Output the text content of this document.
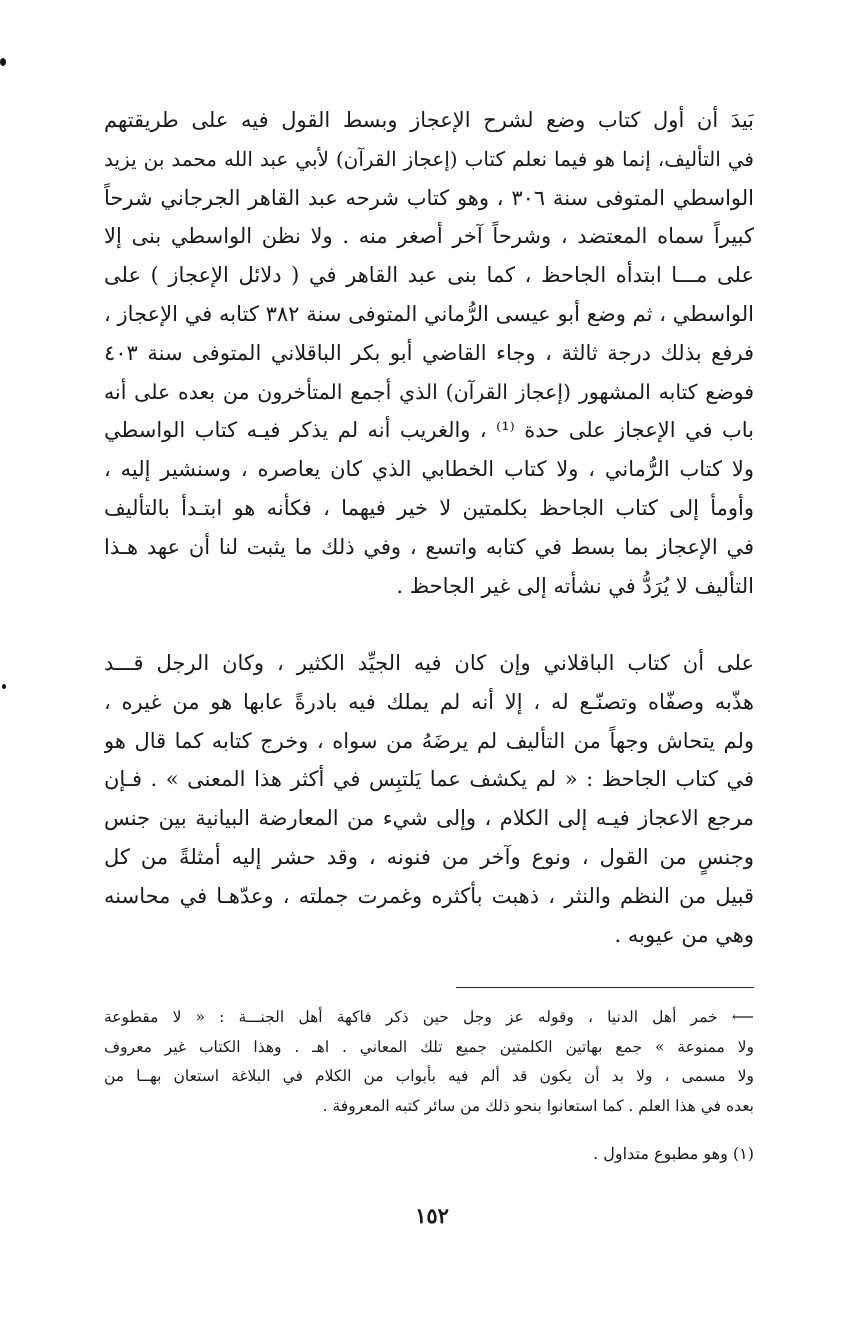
بَيدَ أن أول كتاب وضع لشرح الإعجاز وبسط القول فيه على طريقتهم
في التأليف، إنما هو فيما نعلم كتاب (إعجاز القرآن) لأبي عبد الله محمد بن يزيد
الواسطي المتوفى سنة ٣٠٦ ، وهو كتاب شرحه عبد القاهر الجرجاني شرحاً
كبيراً سماه المعتضد ، وشرحاً آخر أصغر منه . ولا نظن الواسطي بنى إلا
على مـــا ابتدأه الجاحظ ، كما بنى عبد القاهر في ( دلائل الإعجاز ) على
الواسطي ، ثم وضع أبو عيسى الرُّماني المتوفى سنة ٣٨٢ كتابه في الإعجاز ،
فرفع بذلك درجة ثالثة ، وجاء القاضي أبو بكر الباقلاني المتوفى سنة ٤٠٣
فوضع كتابه المشهور (إعجاز القرآن) الذي أجمع المتأخرون من بعده على أنه
باب في الإعجاز على حدة ⁽¹⁾ ، والغريب أنه لم يذكر فيـه كتاب الواسطي
ولا كتاب الرُّماني ، ولا كتاب الخطابي الذي كان يعاصره ، وسنشير إليه ،
وأومأ إلى كتاب الجاحظ بكلمتين لا خير فيهما ، فكأنه هو ابتـدأ بالتأليف
في الإعجاز بما بسط في كتابه واتسع ، وفي ذلك ما يثبت لنا أن عهد هـذا
التأليف لا يُرَدُّ في نشأته إلى غير الجاحظ .
على أن كتاب الباقلاني وإن كان فيه الجيِّد الكثير ، وكان الرجل قـــد
هذّبه وصفّاه وتصنّـع له ، إلا أنه لم يملك فيه بادرةً عابها هو من غيره ،
ولم يتحاش وجهاً من التأليف لم يرضَهُ من سواه ، وخرج كتابه كما قال هو
في كتاب الجاحظ : « لم يكشف عما يَلتبِس في أكثر هذا المعنى » . فـإن
مرجع الاعجاز فيـه إلى الكلام ، وإلى شيء من المعارضة البيانية بين جنس
وجنسٍ من القول ، ونوع وآخر من فنونه ، وقد حشر إليه أمثلةً من كل
قبيل من النظم والنثر ، ذهبت بأكثره وغمرت جملته ، وعدّهـا في محاسنه
وهي من عيوبه .
⟵ خمر أهل الدنيا ، وقوله عز وجل حين ذكر فاكهة أهل الجنـــة : « لا مقطوعة
ولا ممنوعة » جمع بهاتين الكلمتين جميع تلك المعاني . اهـ . وهذا الكتاب غير معروف
ولا مسمى ، ولا بد أن يكون قد ألم فيه بأبواب من الكلام في البلاغة استعان بهــا من
بعده في هذا العلم . كما استعانوا بنحو ذلك من سائر كتبه المعروفة .
(١) وهو مطبوع متداول .
١٥٢
